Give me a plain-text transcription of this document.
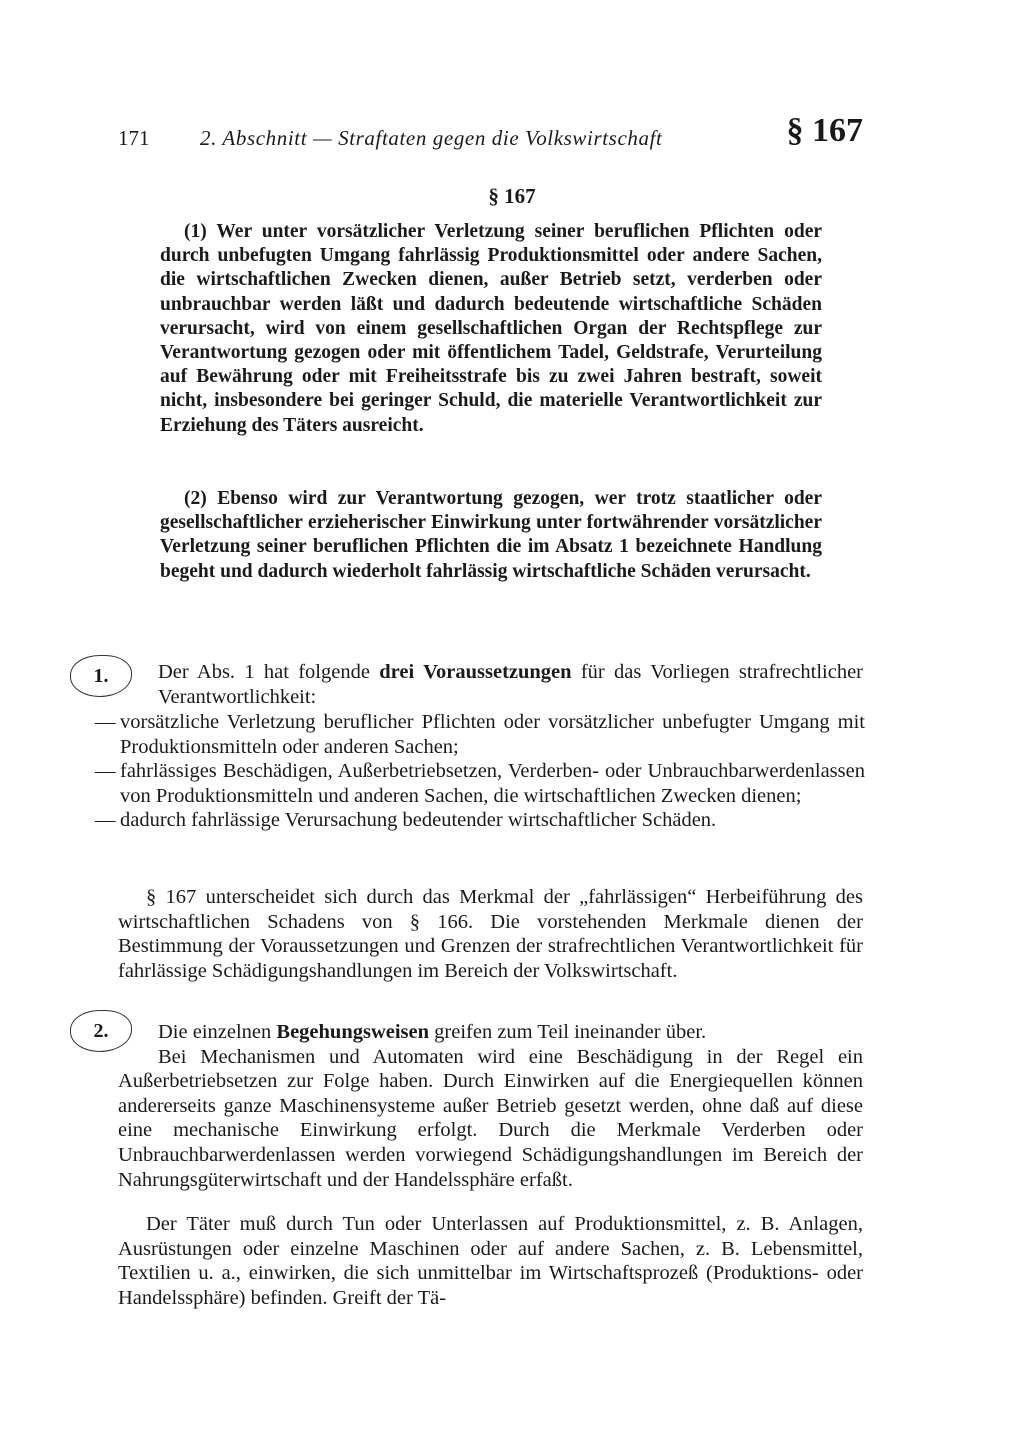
171 2. Abschnitt — Straftaten gegen die Volkswirtschaft	§ 167
§ 167

(1) Wer unter vorsätzlicher Verletzung seiner beruflichen Pflichten oder durch unbefugten Umgang fahrlässig Produktionsmittel oder andere Sachen, die wirtschaftlichen Zwecken dienen, außer Betrieb setzt, verderben oder unbrauchbar werden läßt und dadurch bedeutende wirtschaftliche Schäden verursacht, wird von einem gesellschaftlichen Organ der Rechtspflege zur Verantwortung gezogen oder mit öffentlichem Tadel, Geldstrafe, Verurteilung auf Bewährung oder mit Freiheitsstrafe bis zu zwei Jahren bestraft, soweit nicht, insbesondere bei geringer Schuld, die materielle Verantwortlichkeit zur Erziehung des Täters ausreicht.

(2) Ebenso wird zur Verantwortung gezogen, wer trotz staatlicher oder gesellschaftlicher erzieherischer Einwirkung unter fortwährender vorsätzlicher Verletzung seiner beruflichen Pflichten die im Absatz 1 bezeichnete Handlung begeht und dadurch wiederholt fahrlässig wirtschaftliche Schäden verursacht.

1.	Der Abs. 1 hat folgende drei Voraussetzungen für das Vorliegen strafrechtlicher Verantwortlichkeit:

— vorsätzliche Verletzung beruflicher Pflichten oder vorsätzlicher unbefugter Umgang mit Produktionsmitteln oder anderen Sachen;
— fahrlässiges Beschädigen, Außerbetriebsetzen, Verderben- oder Unbrauchbarwerdenlassen von Produktionsmitteln und anderen Sachen, die wirtschaftlichen Zwecken dienen;
— dadurch fahrlässige Verursachung bedeutender wirtschaftlicher Schäden.

§ 167 unterscheidet sich durch das Merkmal der „fahrlässigen“ Herbeiführung des wirtschaftlichen Schadens von § 166. Die vorstehenden Merkmale dienen der Bestimmung der Voraussetzungen und Grenzen der strafrechtlichen Verantwortlichkeit für fahrlässige Schädigungshandlungen im Bereich der Volkswirtschaft.

2.	Die einzelnen Begehungsweisen greifen zum Teil ineinander über.
Bei Mechanismen und Automaten wird eine Beschädigung in der Regel ein Außerbetriebsetzen zur Folge haben. Durch Einwirken auf die Energiequellen können andererseits ganze Maschinensysteme außer Betrieb gesetzt werden, ohne daß auf diese eine mechanische Einwirkung erfolgt. Durch die Merkmale Verderben oder Unbrauchbarwerdenlassen werden vorwiegend Schädigungshandlungen im Bereich der Nahrungsgüterwirtschaft und der Handelssphäre erfaßt.

Der Täter muß durch Tun oder Unterlassen auf Produktionsmittel, z. B. Anlagen, Ausrüstungen oder einzelne Maschinen oder auf andere Sachen, z. B. Lebensmittel, Textilien u. a., einwirken, die sich unmittelbar im Wirtschaftsprozeß (Produktions- oder Handelssphäre) befinden. Greift der Tä-
